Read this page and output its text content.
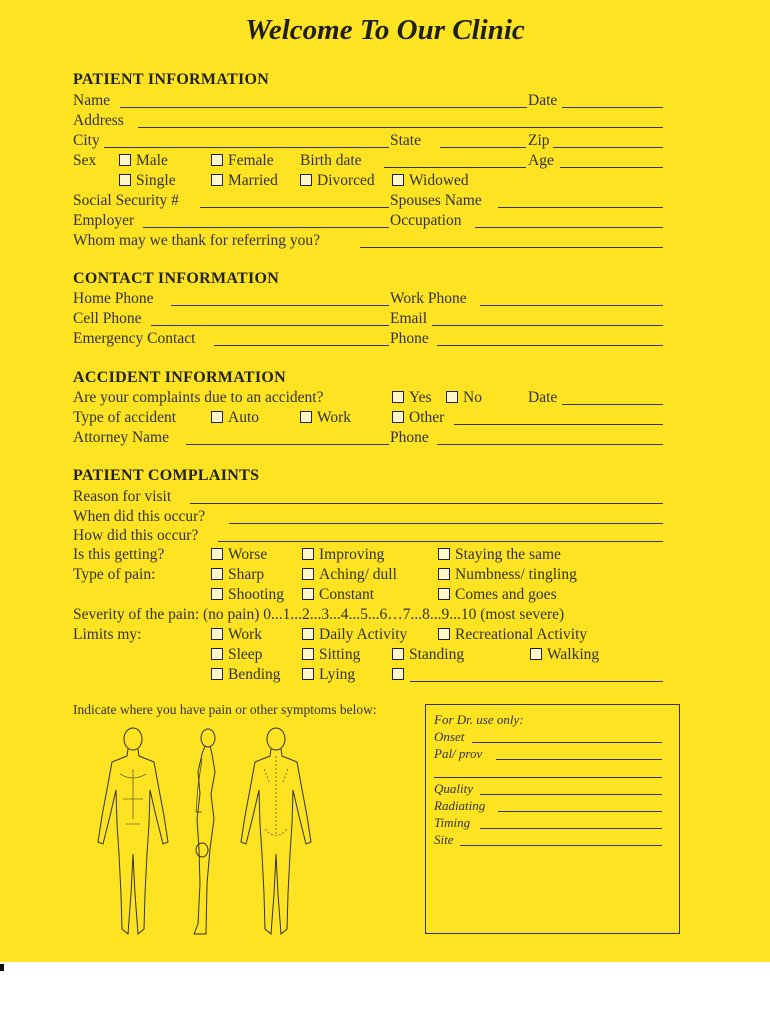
Welcome To Our Clinic
PATIENT INFORMATION
Name	Date
Address
City	State	Zip
Sex	Male	Female Birth date	Age
Single	Married	Divorced	Widowed
Social Security #	Spouses Name
Employer	Occupation
Whom may we thank for referring you?
CONTACT INFORMATION
Home Phone	Work Phone
Cell Phone	Email
Emergency Contact	Phone
ACCIDENT INFORMATION
Are your complaints due to an accident?	Yes	No	Date
Type of accident	Auto	Work	Other
Attorney Name	Phone
PATIENT COMPLAINTS
Reason for visit
When did this occur?
How did this occur?
Is this getting?	Worse	Improving	Staying the same
Type of pain:	Sharp	Aching/ dull	Numbness/ tingling
Shooting	Constant	Comes and goes
Severity of the pain: (no pain) 0...1...2...3...4...5...6…7...8...9...10 (most severe)
Limits my:	Work	Daily Activity	Recreational Activity
Sleep	Sitting	Standing	Walking
Bending	Lying
Indicate where you have pain or other symptoms below:
For Dr. use only:
Onset
Pal/ prov
Quality
Radiating
Timing
Site
